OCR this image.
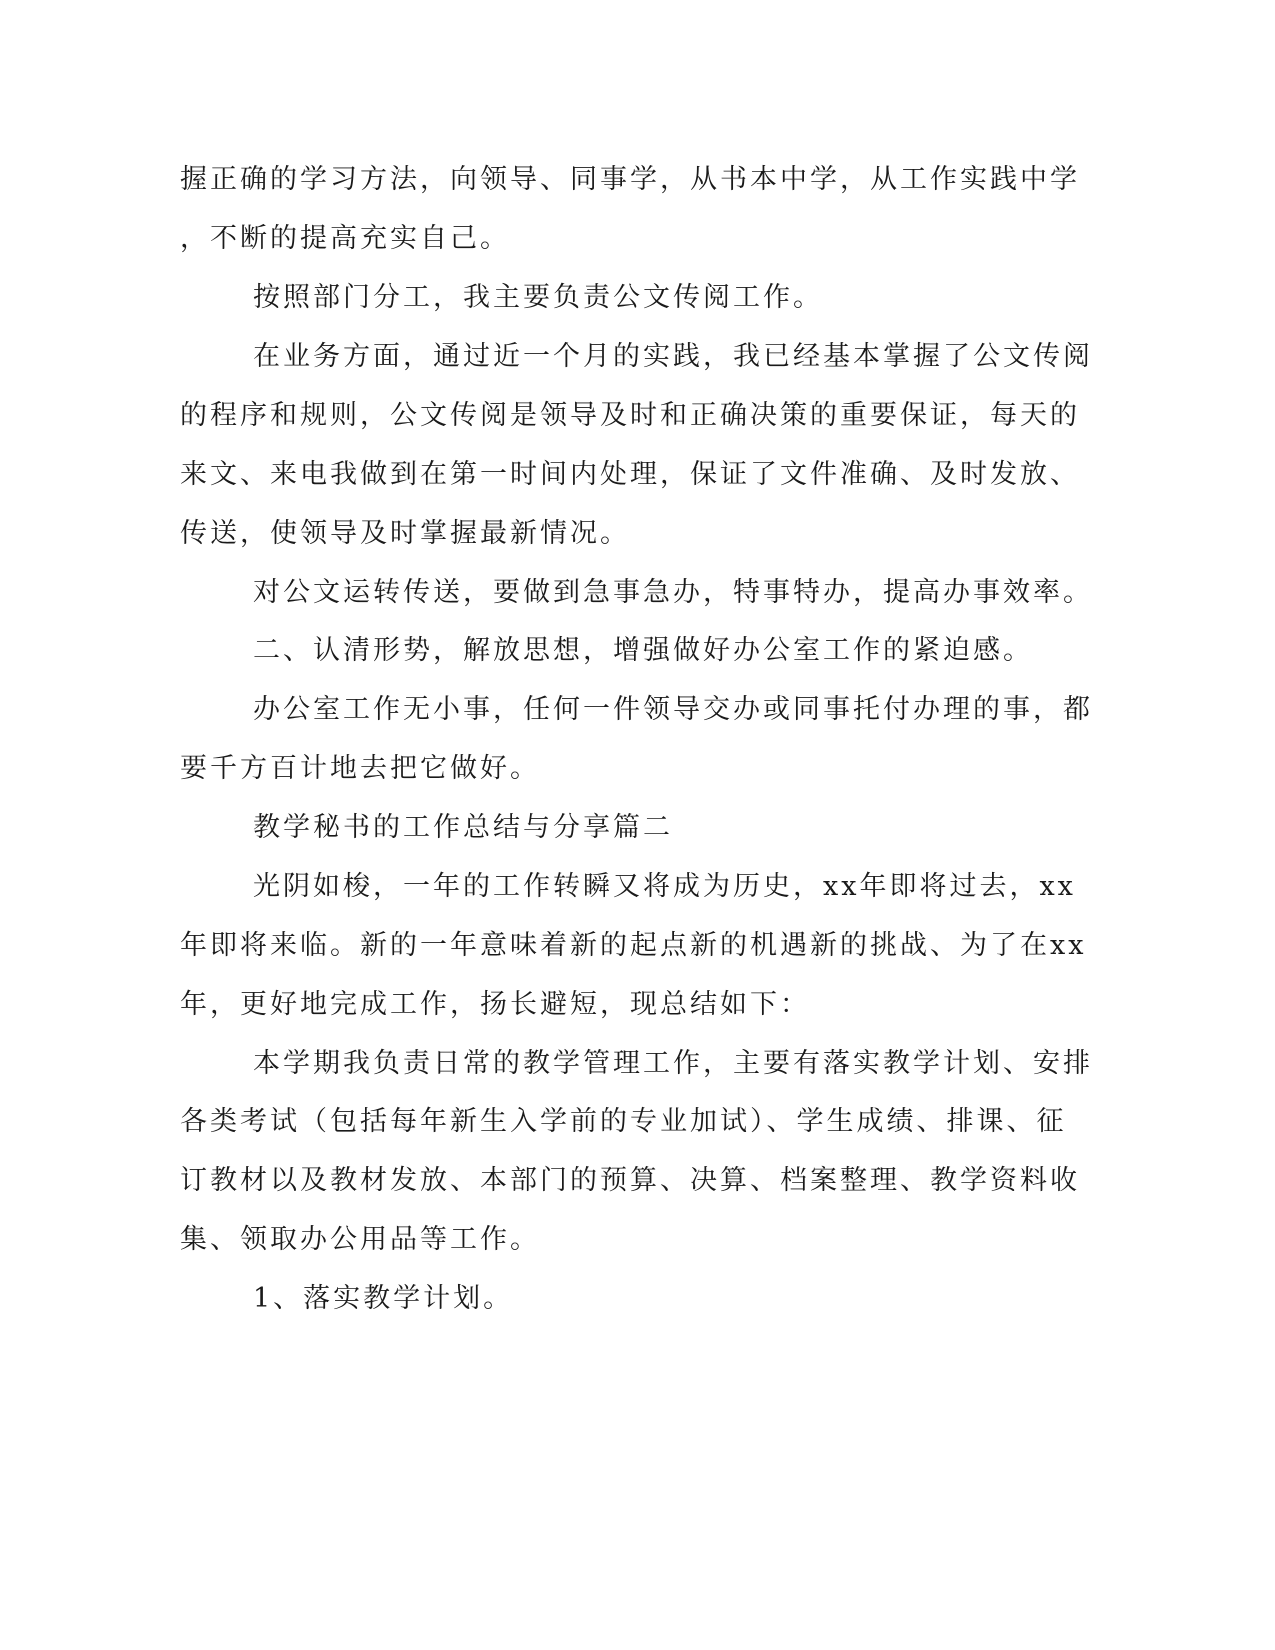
握正确的学习方法，向领导、同事学，从书本中学，从工作实践中学

，不断的提高充实自己。

按照部门分工，我主要负责公文传阅工作。

在业务方面，通过近一个月的实践，我已经基本掌握了公文传阅

的程序和规则，公文传阅是领导及时和正确决策的重要保证，每天的

来文、来电我做到在第一时间内处理，保证了文件准确、及时发放、

传送，使领导及时掌握最新情况。

对公文运转传送，要做到急事急办，特事特办，提高办事效率。

二、认清形势，解放思想，增强做好办公室工作的紧迫感。

办公室工作无小事，任何一件领导交办或同事托付办理的事，都

要千方百计地去把它做好。

教学秘书的工作总结与分享篇二

光阴如梭，一年的工作转瞬又将成为历史，xx年即将过去，xx

年即将来临。新的一年意味着新的起点新的机遇新的挑战、为了在xx

年，更好地完成工作，扬长避短，现总结如下：

本学期我负责日常的教学管理工作，主要有落实教学计划、安排

各类考试（包括每年新生入学前的专业加试）、学生成绩、排课、征

订教材以及教材发放、本部门的预算、决算、档案整理、教学资料收

集、领取办公用品等工作。

1、落实教学计划。
